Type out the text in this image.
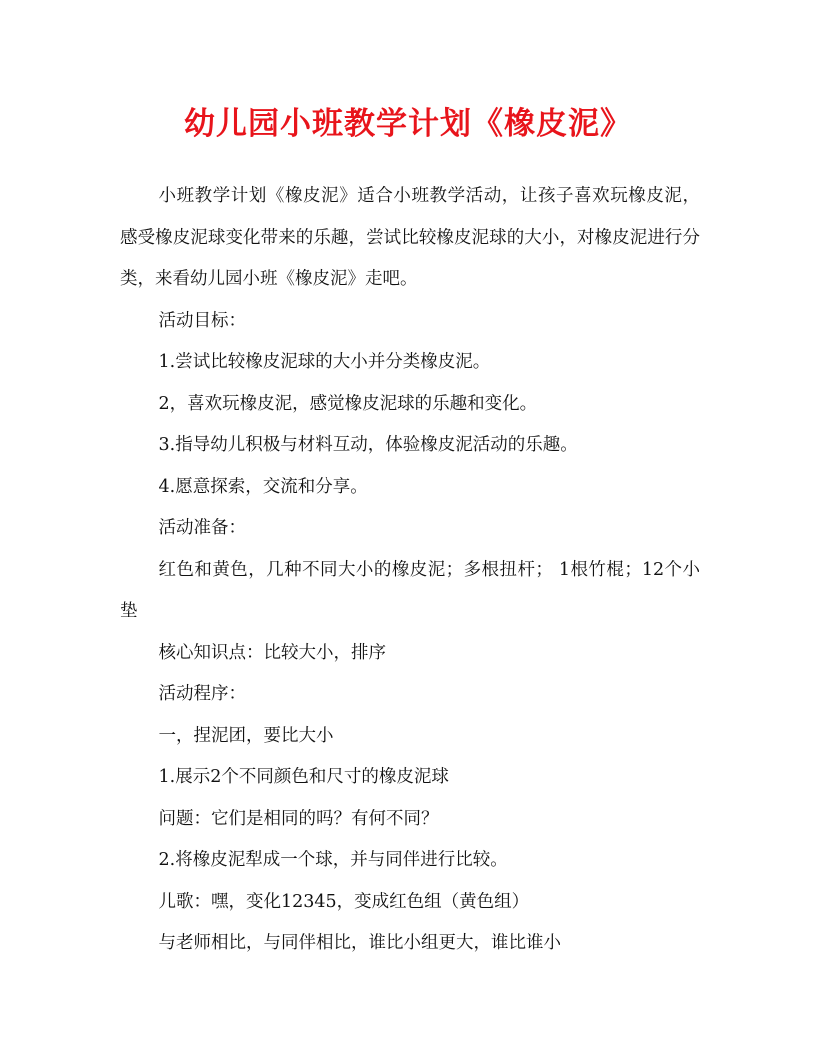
幼儿园小班教学计划《橡皮泥》

小班教学计划《橡皮泥》适合小班教学活动，让孩子喜欢玩橡皮泥，感受橡皮泥球变化带来的乐趣，尝试比较橡皮泥球的大小，对橡皮泥进行分类，来看幼儿园小班《橡皮泥》走吧。

活动目标：

1.尝试比较橡皮泥球的大小并分类橡皮泥。

2，喜欢玩橡皮泥，感觉橡皮泥球的乐趣和变化。

3.指导幼儿积极与材料互动，体验橡皮泥活动的乐趣。

4.愿意探索，交流和分享。

活动准备：

红色和黄色，几种不同大小的橡皮泥；多根扭杆； 1根竹棍；12个小垫

核心知识点：比较大小，排序

活动程序：

一，捏泥团，要比大小

1.展示2个不同颜色和尺寸的橡皮泥球

问题：它们是相同的吗？有何不同？

2.将橡皮泥犁成一个球，并与同伴进行比较。

儿歌：嘿，变化12345，变成红色组（黄色组）

与老师相比，与同伴相比，谁比小组更大，谁比谁小
